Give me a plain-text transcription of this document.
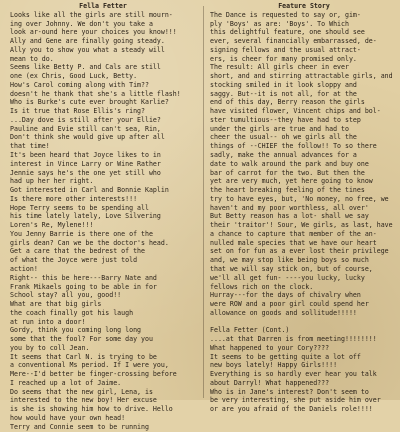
Fella Fetter
Looks like all the girls are still mourn-
ing over Johnny. We don't you take a
look ar-ound here your choices you know!!!
Ally and Gene are finally going steady.
Ally you to show you what a steady will
mean to do.
Seems like Betty P. and Cals are still
one (ex Chris, Good Luck, Betty.
How's Carol coming along with Tim??
doesn't he thank that she's a little flash!
Who is Burke's cute ever brought Karlie?
Is it true that Rose Ellis's ring?
...Day dove is still after your Ellie?
Pauline and Evie still can't sea, Rin,
Don't think she would give up after all
that time!
It's been heard that Joyce likes to in
interest in Vince Larry or Wine Rather
Jennie says he's the one yet still who
had up her her right.
Got interested in Carl and Bonnie Kaplin
Is there more other interests!!!
Hope Terry seems to be spending all
his time lately lately, Love Silvering
Loren's Re, Mylene!!!
You Jenny Barrie is there one of the
girls dean? Can we be the doctor's head.
Get a care that the bedrest of the
of what the Joyce were just told
action!
Right-- this be here---Barry Nate and
Frank Mikaels going to be able in for
School stay? all you, good!!
What are that big girls
the coach finally got his laugh
at run into a door!
Gordy, think you coming long long
some that the fool? For some day you
you by to coll Jean.
It seems that Carl N. is trying to be
a conventional Ms period. If I were you,
Mere--I'd better be finger-crossing before
I reached up a lot of Jaime.
Do seems that the new girl, Lena, is
interested to the new boy! Her excuse
is she is showing him how to drive. Hello
how would have your own head!
Terry and Connie seem to be running
Feature Story
The Dance is requested to say or, gim-
ply 'Boys' as are: 'Boys'. To Which
this delightful feature, one should see
ever, several financially embarrassed, de-
signing fellows and the usual attract-
ers, is cheer for many promised only.
The result: All girls cheer in ever
short, and and stirring attractable girls, and
stocking smiled in it look sloppy and
saggy. But--it is not all, for at the
end of this day, Berry reason the girls
have visited flower, Vincent chips and bol-
ster tumultious--they have had to step
under the girls are true and had to
cheer the usual-- oh we girls all the
things of --CHIEF the follow!! To so there
sadly, make the annual advances for a
date to walk around the park and buy one
bar of carrot for the two. But then the
yet are very much, yet here going to know
the heart breaking feeling of the tines
try to have eyes, but, 'No money, no free, we
haven't and my poor worthless, all over'
But Betty reason has a lot- shall we say
their 'traitor'! Sour, We girls, as last, have
a chance to capture that member of the an-
nulled male species that we have our heart
set on for fun as a ever lost their privilege
and, we may stop like being boys so much
that we will say stick on, but of course,
we'll all get fun- ----you lucky, lucky
fellows rich on the clock.
Hurray---for the days of chivalry when
were ROW and a poor girl could spend her
allowance on goods and sollitude!!!!!
Fella Fetter (Cont.)
....at that Darren is from meeting!!!!!!!!
What happened to your Cory????
It seems to be getting quite a lot off
new boys lately! Happy Girls!!!!
Everything is so hardly ever hear you talk
about Darryl! What happened???
Who is in Jane's interest? Don't seem to
be very interesting, she put aside him over
or are you afraid of the Daniels role!!!!
